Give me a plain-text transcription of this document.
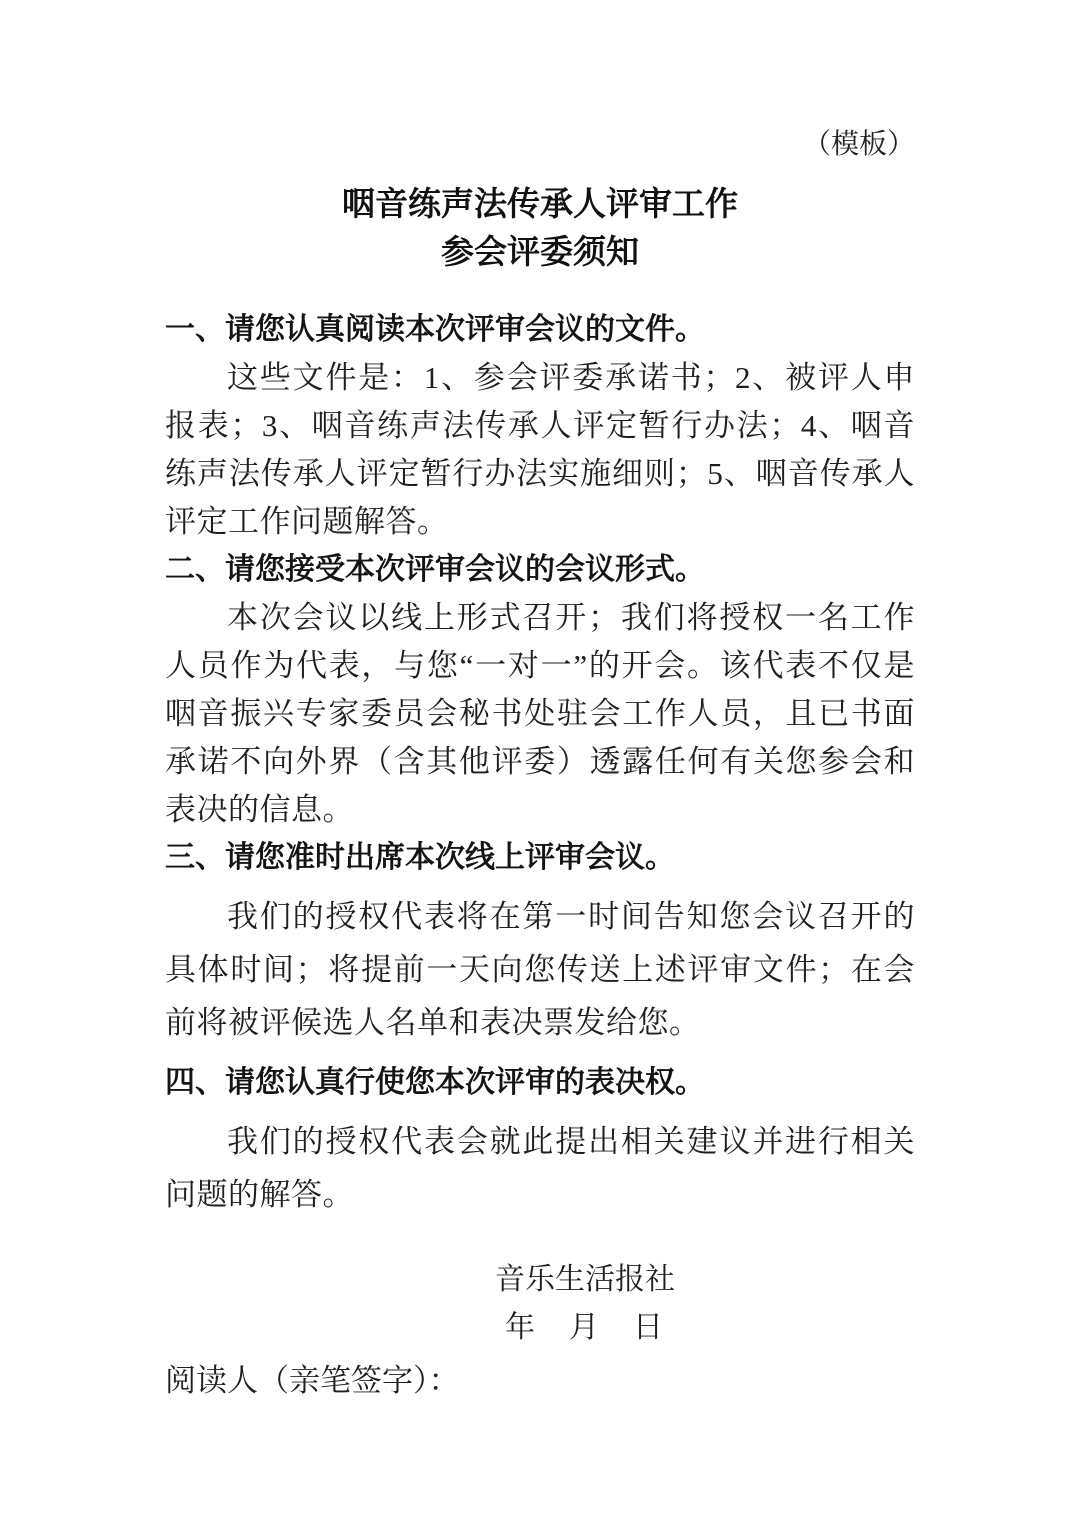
（模板）
咽音练声法传承人评审工作
参会评委须知
一、请您认真阅读本次评审会议的文件。
这些文件是：1、参会评委承诺书；2、被评人申报表；3、咽音练声法传承人评定暂行办法；4、咽音练声法传承人评定暂行办法实施细则；5、咽音传承人评定工作问题解答。
二、请您接受本次评审会议的会议形式。
本次会议以线上形式召开；我们将授权一名工作人员作为代表，与您“一对一”的开会。该代表不仅是咽音振兴专家委员会秘书处驻会工作人员，且已书面承诺不向外界（含其他评委）透露任何有关您参会和表决的信息。
三、请您准时出席本次线上评审会议。
我们的授权代表将在第一时间告知您会议召开的具体时间；将提前一天向您传送上述评审文件；在会前将被评候选人名单和表决票发给您。
四、请您认真行使您本次评审的表决权。
我们的授权代表会就此提出相关建议并进行相关问题的解答。
音乐生活报社
年　月　日
阅读人（亲笔签字）：
